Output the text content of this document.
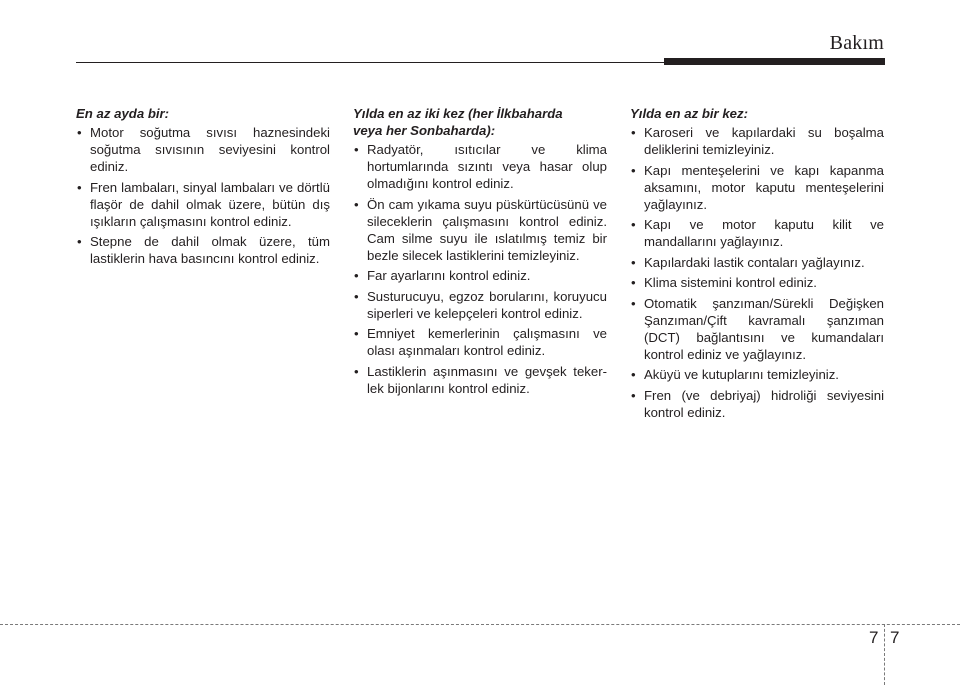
Bakım
En az ayda bir:
• Motor soğutma sıvısı haznesindeki soğutma sıvısının seviyesini kontrol ediniz.
• Fren lambaları, sinyal lambaları ve dörtlü flaşör de dahil olmak üzere, bütün dış ışıkların çalışmasını kontrol ediniz.
• Stepne de dahil olmak üzere, tüm lastiklerin hava basıncını kontrol ediniz.
Yılda en az iki kez (her İlkbaharda
veya her Sonbaharda):
• Radyatör, ısıtıcılar ve klima hortumlarında sızıntı veya hasar olup olmadığını kontrol ediniz.
• Ön cam yıkama suyu püskürtücüsünü ve sileceklerin çalışmasını kontrol ediniz. Cam silme suyu ile ıslatılmış temiz bir bezle silecek lastiklerini temizleyiniz.
• Far ayarlarını kontrol ediniz.
• Susturucuyu, egzoz borularını, koruyucu siperleri ve kelepçeleri kontrol ediniz.
• Emniyet kemerlerinin çalışmasını ve olası aşınmaları kontrol ediniz.
• Lastiklerin aşınmasını ve gevşek teker-lek bijonlarını kontrol ediniz.
Yılda en az bir kez:
• Karoseri ve kapılardaki su boşalma deliklerini temizleyiniz.
• Kapı menteşelerini ve kapı kapanma aksamını, motor kaputu menteşelerini yağlayınız.
• Kapı ve motor kaputu kilit ve mandallarını yağlayınız.
• Kapılardaki lastik contaları yağlayınız.
• Klima sistemini kontrol ediniz.
• Otomatik şanzıman/Sürekli Değişken Şanzıman/Çift kavramalı şanzıman (DCT) bağlantısını ve kumandaları kontrol ediniz ve yağlayınız.
• Aküyü ve kutuplarını temizleyiniz.
• Fren (ve debriyaj) hidroliği seviyesini kontrol ediniz.
7 7
